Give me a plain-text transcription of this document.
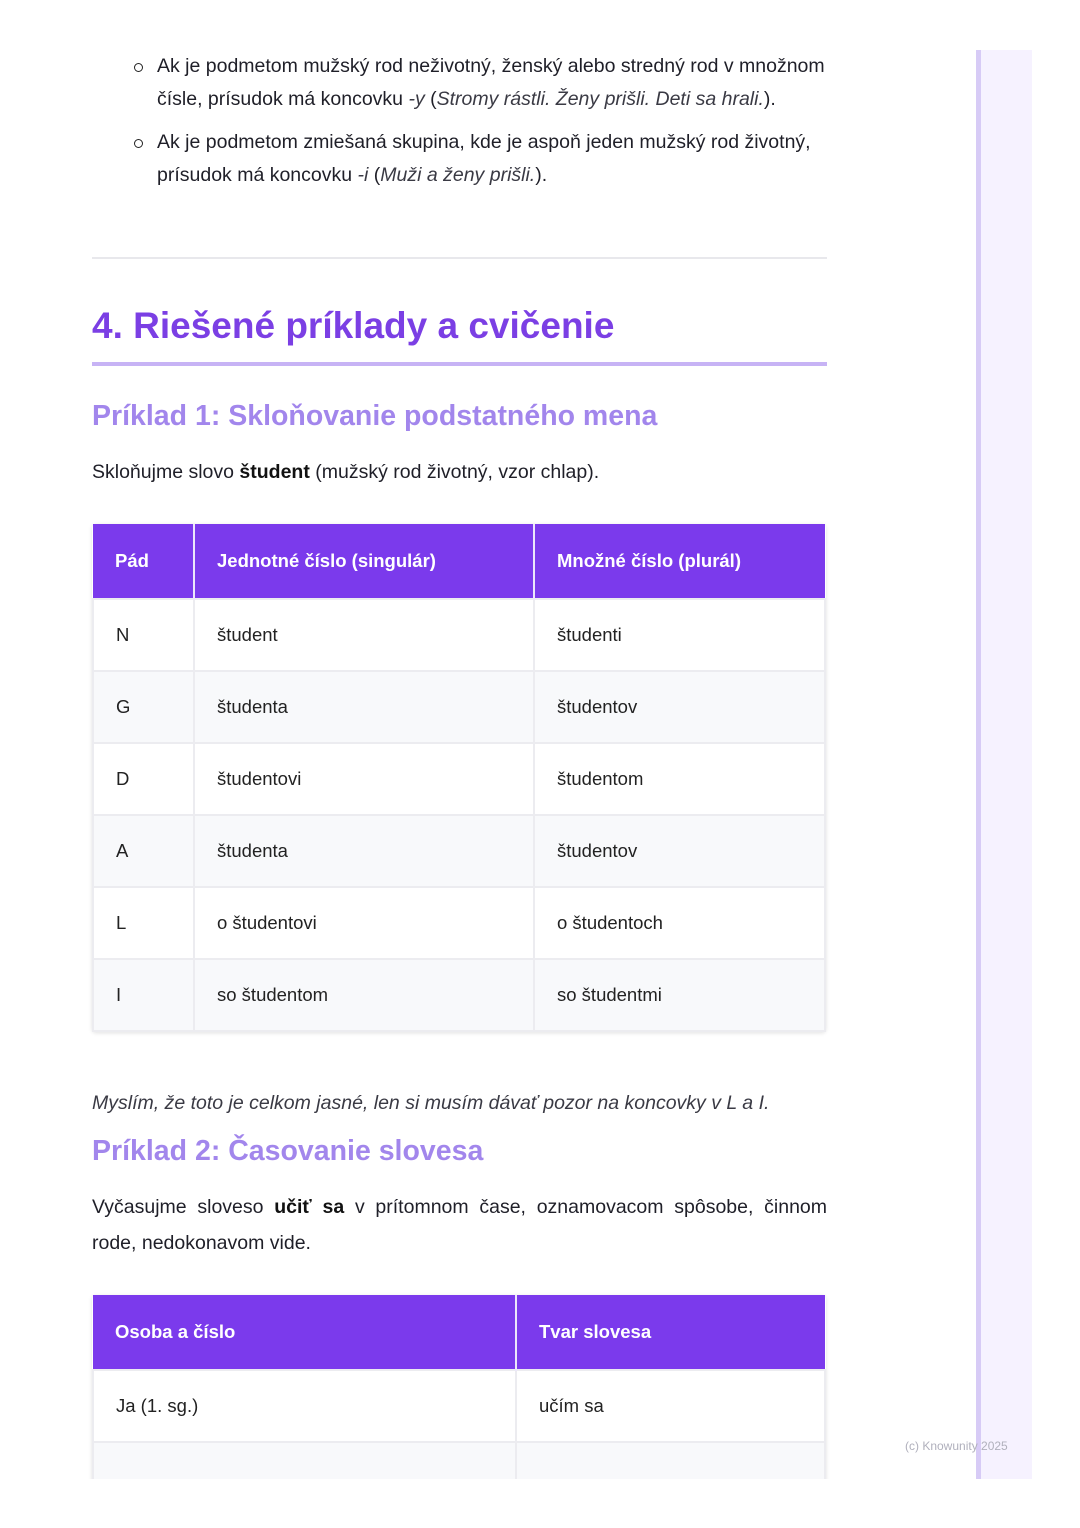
Ak je podmetom mužský rod neživotný, ženský alebo stredný rod v množnom čísle, prísudok má koncovku -y (Stromy rástli. Ženy prišli. Deti sa hrali.).
Ak je podmetom zmiešaná skupina, kde je aspoň jeden mužský rod životný, prísudok má koncovku -i (Muži a ženy prišli.).
4. Riešené príklady a cvičenie
Príklad 1: Skloňovanie podstatného mena

Skloňujme slovo študent (mužský rod životný, vzor chlap).

Pád	Jednotné číslo (singulár)	Množné číslo (plurál)
N	študent	študenti
G	študenta	študentov
D	študentovi	študentom
A	študenta	študentov
L	o študentovi	o študentoch
I	so študentom	so študentmi

Myslím, že toto je celkom jasné, len si musím dávať pozor na koncovky v L a I.

Príklad 2: Časovanie slovesa

Vyčasujme sloveso učiť sa v prítomnom čase, oznamovacom spôsobe, činnom rode, nedokonavom vide.

Osoba a číslo	Tvar slovesa
Ja (1. sg.)	učím sa

(c) Knowunity 2025
